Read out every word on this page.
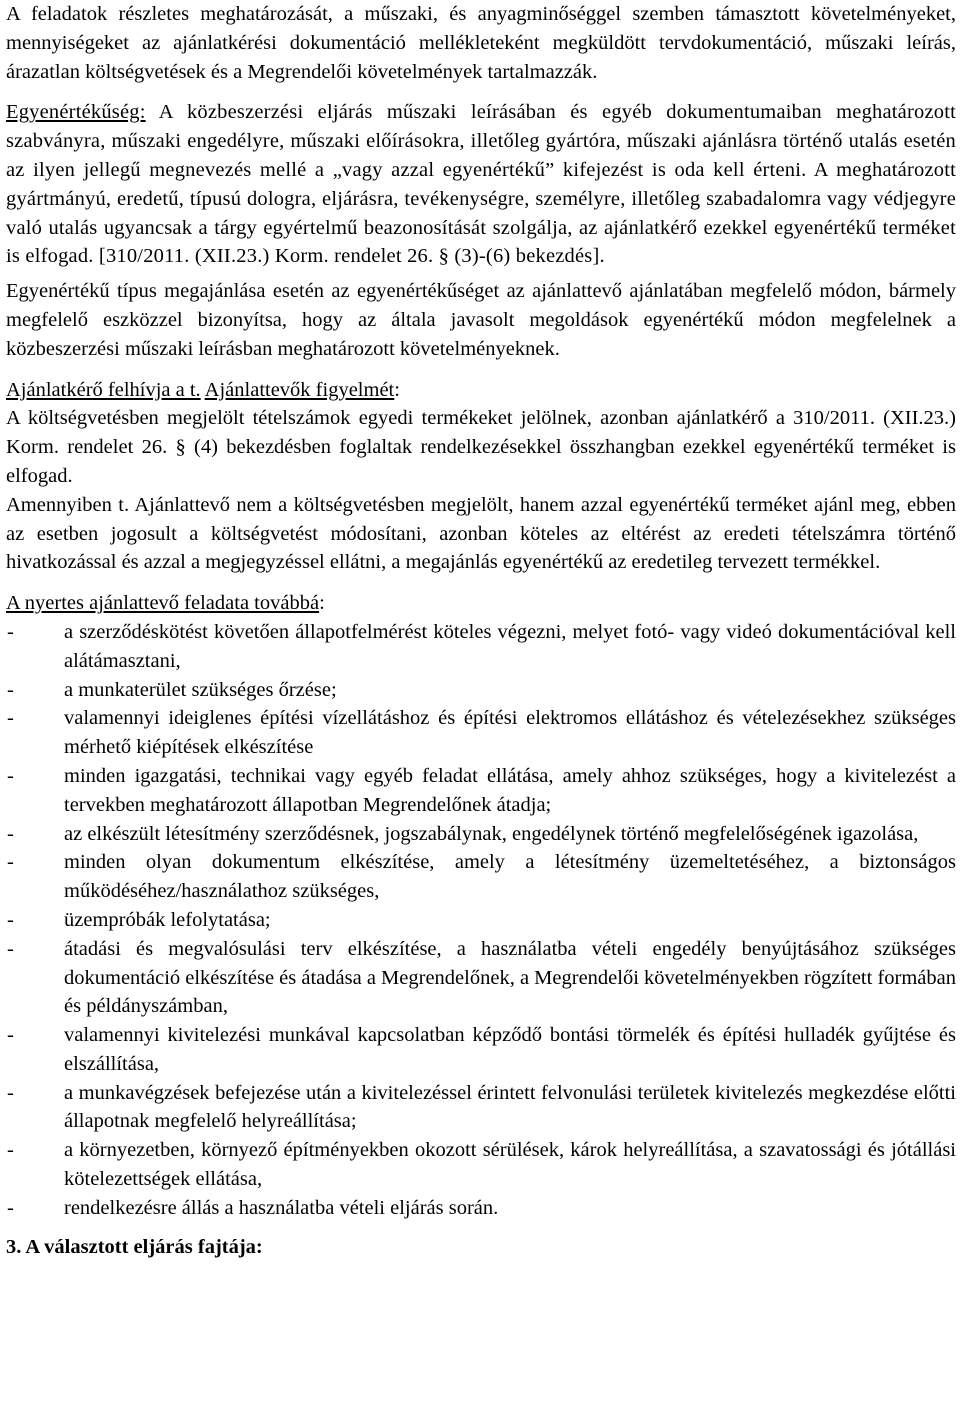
A feladatok részletes meghatározását, a műszaki, és anyagminőséggel szemben támasztott követelményeket, mennyiségeket az ajánlatkérési dokumentáció mellékleteként megküldött tervdokumentáció, műszaki leírás, árazatlan költségvetések és a Megrendelői követelmények tartalmazzák.

Egyenértékűség: A közbeszerzési eljárás műszaki leírásában és egyéb dokumentumaiban meghatározott szabványra, műszaki engedélyre, műszaki előírásokra, illetőleg gyártóra, műszaki ajánlásra történő utalás esetén az ilyen jellegű megnevezés mellé a „vagy azzal egyenértékű” kifejezést is oda kell érteni. A meghatározott gyártmányú, eredetű, típusú dologra, eljárásra, tevékenységre, személyre, illetőleg szabadalomra vagy védjegyre való utalás ugyancsak a tárgy egyértelmű beazonosítását szolgálja, az ajánlatkérő ezekkel egyenértékű terméket is elfogad. [310/2011. (XII.23.) Korm. rendelet 26. § (3)-(6) bekezdés].

Egyenértékű típus megajánlása esetén az egyenértékűséget az ajánlattevő ajánlatában megfelelő módon, bármely megfelelő eszközzel bizonyítsa, hogy az általa javasolt megoldások egyenértékű módon megfelelnek a közbeszerzési műszaki leírásban meghatározott követelményeknek.

Ajánlatkérő felhívja a t. Ajánlattevők figyelmét:

A költségvetésben megjelölt tételszámok egyedi termékeket jelölnek, azonban ajánlatkérő a 310/2011. (XII.23.) Korm. rendelet 26. § (4) bekezdésben foglaltak rendelkezésekkel összhangban ezekkel egyenértékű terméket is elfogad.

Amennyiben t. Ajánlattevő nem a költségvetésben megjelölt, hanem azzal egyenértékű terméket ajánl meg, ebben az esetben jogosult a költségvetést módosítani, azonban köteles az eltérést az eredeti tételszámra történő hivatkozással és azzal a megjegyzéssel ellátni, a megajánlás egyenértékű az eredetileg tervezett termékkel.

A nyertes ajánlattevő feladata továbbá:

- a szerződéskötést követően állapotfelmérést köteles végezni, melyet fotó- vagy videó dokumentációval kell alátámasztani,
- a munkaterület szükséges őrzése;
- valamennyi ideiglenes építési vízellátáshoz és építési elektromos ellátáshoz és vételezésekhez szükséges mérhető kiépítések elkészítése
- minden igazgatási, technikai vagy egyéb feladat ellátása, amely ahhoz szükséges, hogy a kivitelezést a tervekben meghatározott állapotban Megrendelőnek átadja;
- az elkészült létesítmény szerződésnek, jogszabálynak, engedélynek történő megfelelőségének igazolása,
- minden olyan dokumentum elkészítése, amely a létesítmény üzemeltetéséhez, a biztonságos működéséhez/használathoz szükséges,
- üzempróbák lefolytatása;
- átadási és megvalósulási terv elkészítése, a használatba vételi engedély benyújtásához szükséges dokumentáció elkészítése és átadása a Megrendelőnek, a Megrendelői követelményekben rögzített formában és példányszámban,
- valamennyi kivitelezési munkával kapcsolatban képződő bontási törmelék és építési hulladék gyűjtése és elszállítása,
- a munkavégzések befejezése után a kivitelezéssel érintett felvonulási területek kivitelezés megkezdése előtti állapotnak megfelelő helyreállítása;
- a környezetben, környező építményekben okozott sérülések, károk helyreállítása, a szavatossági és jótállási kötelezettségek ellátása,
- rendelkezésre állás a használatba vételi eljárás során.

3. A választott eljárás fajtája:
